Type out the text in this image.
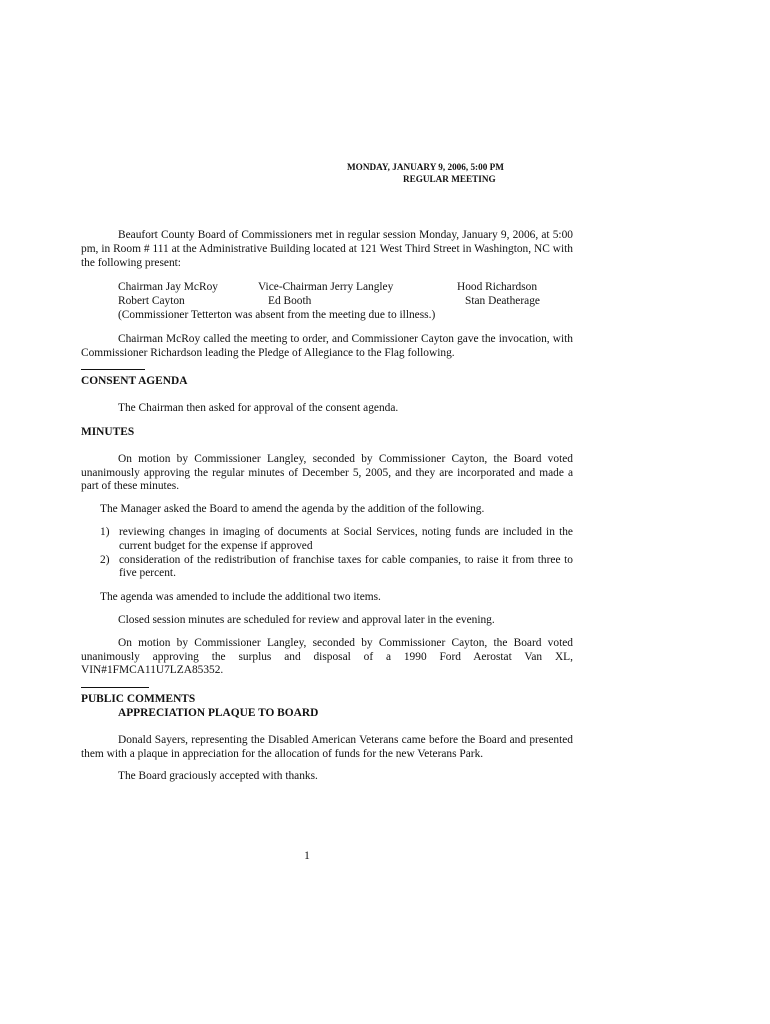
MONDAY, JANUARY 9, 2006, 5:00 PM
REGULAR MEETING

Beaufort County Board of Commissioners met in regular session Monday, January 9, 2006, at 5:00 pm, in Room # 111 at the Administrative Building located at 121 West Third Street in Washington, NC with the following present:

Chairman Jay McRoy	Vice-Chairman Jerry Langley	Hood Richardson
Robert Cayton	Ed Booth	Stan Deatherage

(Commissioner Tetterton was absent from the meeting due to illness.)

Chairman McRoy called the meeting to order, and Commissioner Cayton gave the invocation, with Commissioner Richardson leading the Pledge of Allegiance to the Flag following.

CONSENT AGENDA

The Chairman then asked for approval of the consent agenda.

MINUTES

On motion by Commissioner Langley, seconded by Commissioner Cayton, the Board voted unanimously approving the regular minutes of December 5, 2005, and they are incorporated and made a part of these minutes.

The Manager asked the Board to amend the agenda by the addition of the following.

1) reviewing changes in imaging of documents at Social Services, noting funds are included in the current budget for the expense if approved
2) consideration of the redistribution of franchise taxes for cable companies, to raise it from three to five percent.

The agenda was amended to include the additional two items.

Closed session minutes are scheduled for review and approval later in the evening.

On motion by Commissioner Langley, seconded by Commissioner Cayton, the Board voted unanimously approving the surplus and disposal of a 1990 Ford Aerostat Van XL, VIN#1FMCA11U7LZA85352.

PUBLIC COMMENTS

APPRECIATION PLAQUE TO BOARD

Donald Sayers, representing the Disabled American Veterans came before the Board and presented them with a plaque in appreciation for the allocation of funds for the new Veterans Park.

The Board graciously accepted with thanks.

1
